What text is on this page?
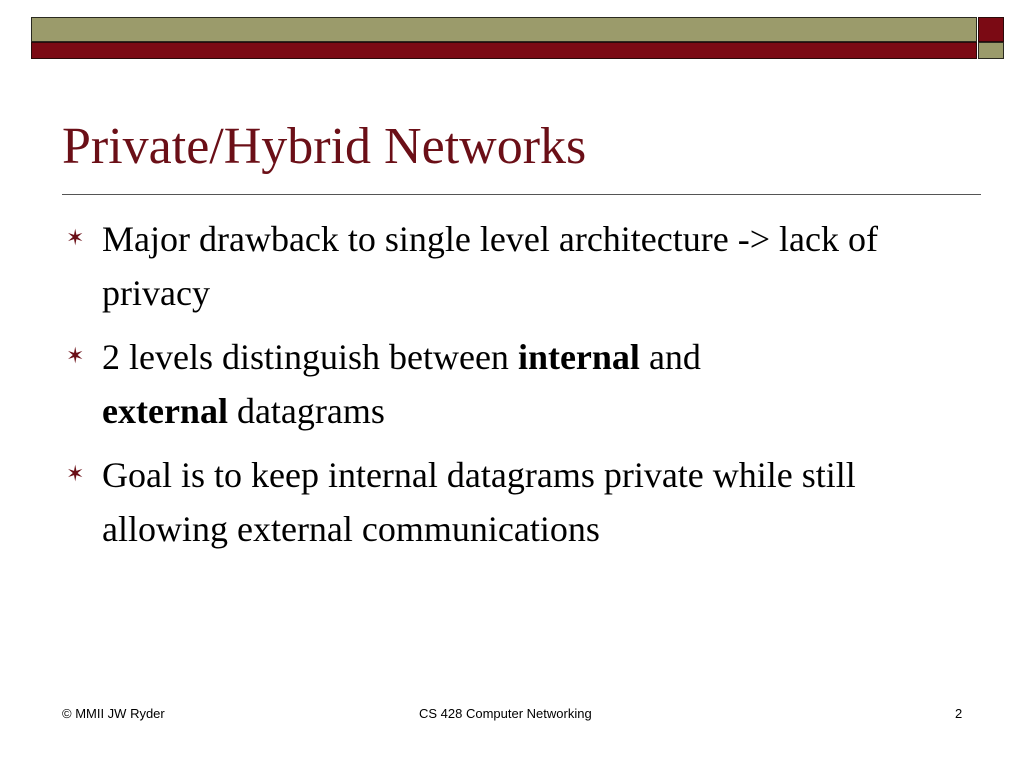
Private/Hybrid Networks
✶ Major drawback to single level architecture -> lack of privacy
✶ 2 levels distinguish between internal and
external datagrams
✶ Goal is to keep internal datagrams private while still allowing external communications
© MMII JW Ryder	CS 428 Computer Networking	2
